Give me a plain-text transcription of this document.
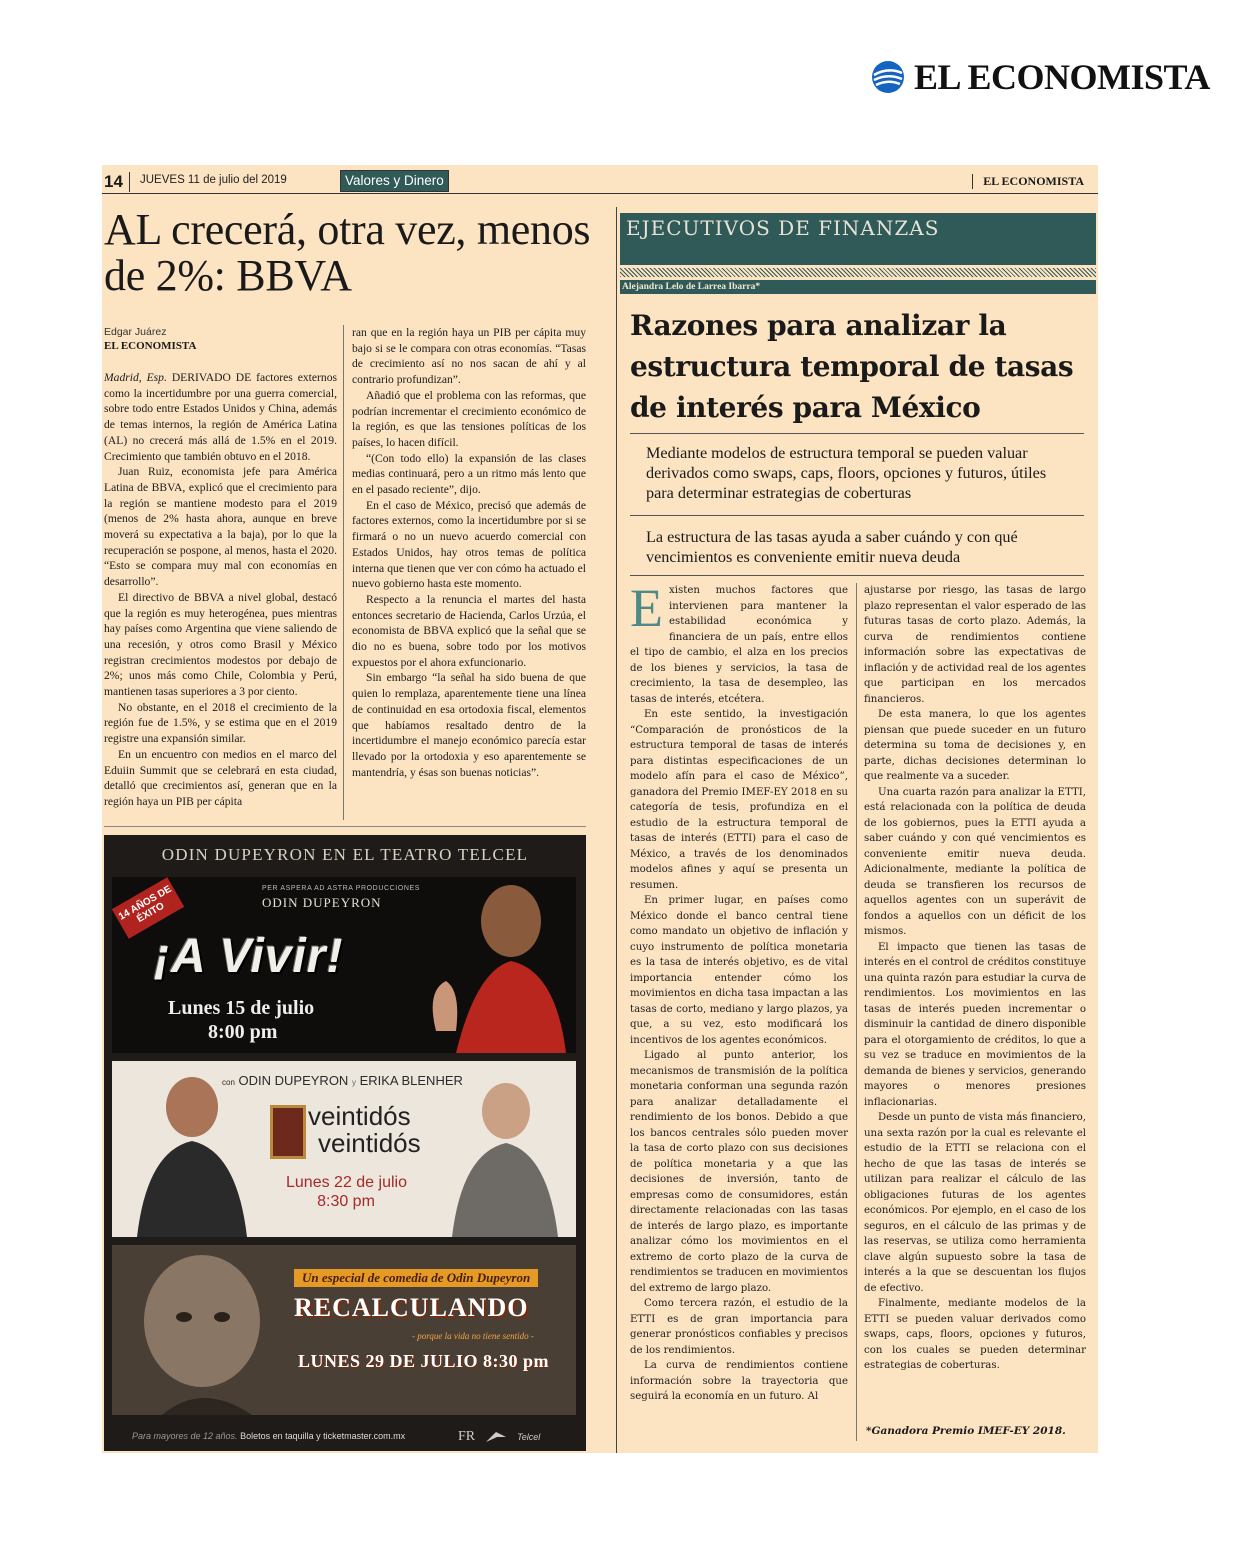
EL ECONOMISTA
14	JUEVES 11 de julio del 2019	Valores y Dinero	EL ECONOMISTA
AL crecerá, otra vez, menos de 2%: BBVA
Edgar Juárez
EL ECONOMISTA

Madrid, Esp. DERIVADO DE factores externos como la incertidumbre por una guerra comercial, sobre todo entre Estados Unidos y China, además de temas internos, la región de América Latina (AL) no crecerá más allá de 1.5% en el 2019. Crecimiento que también obtuvo en el 2018.

Juan Ruiz, economista jefe para América Latina de BBVA, explicó que el crecimiento para la región se mantiene modesto para el 2019 (menos de 2% hasta ahora, aunque en breve moverá su expectativa a la baja), por lo que la recuperación se pospone, al menos, hasta el 2020. “Esto se compara muy mal con economías en desarrollo”.

El directivo de BBVA a nivel global, destacó que la región es muy heterogénea, pues mientras hay países como Argentina que viene saliendo de una recesión, y otros como Brasil y México registran crecimientos modestos por debajo de 2%; unos más como Chile, Colombia y Perú, mantienen tasas superiores a 3 por ciento.

No obstante, en el 2018 el crecimiento de la región fue de 1.5%, y se estima que en el 2019 registre una expansión similar.

En un encuentro con medios en el marco del Eduiin Summit que se celebrará en esta ciudad, detalló que crecimientos así, generan que en la región haya un PIB per cápita

ran que en la región haya un PIB per cápita muy bajo si se le compara con otras economías. “Tasas de crecimiento así no nos sacan de ahí y al contrario profundizan”.

Añadió que el problema con las reformas, que podrían incrementar el crecimiento económico de la región, es que las tensiones políticas de los países, lo hacen difícil.

“(Con todo ello) la expansión de las clases medias continuará, pero a un ritmo más lento que en el pasado reciente”, dijo.

En el caso de México, precisó que además de factores externos, como la incertidumbre por si se firmará o no un nuevo acuerdo comercial con Estados Unidos, hay otros temas de política interna que tienen que ver con cómo ha actuado el nuevo gobierno hasta este momento.

Respecto a la renuncia el martes del hasta entonces secretario de Hacienda, Carlos Urzúa, el economista de BBVA explicó que la señal que se dio no es buena, sobre todo por los motivos expuestos por el ahora exfuncionario.

Sin embargo “la señal ha sido buena de que quien lo remplaza, aparentemente tiene una línea de continuidad en esa ortodoxia fiscal, elementos que habíamos resaltado dentro de la incertidumbre el manejo económico parecía estar llevado por la ortodoxia y eso aparentemente se mantendría, y ésas son buenas noticias”.

ODIN DUPEYRON EN EL TEATRO TELCEL
14 AÑOS DE ÉXITO
PER ASPERA AD ASTRA PRODUCCIONES
ODIN DUPEYRON
¡A Vivir!
Lunes 15 de julio
8:00 pm
con ODIN DUPEYRON y ERIKA BLENHER
veintidós
veintidós
Lunes 22 de julio
8:30 pm
Un especial de comedia de Odin Dupeyron
RECALCULANDO
- porque la vida no tiene sentido -
LUNES 29 DE JULIO 8:30 pm
Para mayores de 12 años. Boletos en taquilla y ticketmaster.com.mx	FR	Telcel
EJECUTIVOS DE FINANZAS
Alejandra Lelo de Larrea Ibarra*
Razones para analizar la estructura temporal de tasas de interés para México

Mediante modelos de estructura temporal se pueden valuar derivados como swaps, caps, floors, opciones y futuros, útiles para determinar estrategias de coberturas

La estructura de las tasas ayuda a saber cuándo y con qué vencimientos es conveniente emitir nueva deuda

Existen muchos factores que intervienen para mantener la estabilidad económica y financiera de un país, entre ellos el tipo de cambio, el alza en los precios de los bienes y servicios, la tasa de crecimiento, la tasa de desempleo, las tasas de interés, etcétera.

En este sentido, la investigación “Comparación de pronósticos de la estructura temporal de tasas de interés para distintas especificaciones de un modelo afín para el caso de México”, ganadora del Premio IMEF-EY 2018 en su categoría de tesis, profundiza en el estudio de la estructura temporal de tasas de interés (ETTI) para el caso de México, a través de los denominados modelos afines y aquí se presenta un resumen.

En primer lugar, en países como México donde el banco central tiene como mandato un objetivo de inflación y cuyo instrumento de política monetaria es la tasa de interés objetivo, es de vital importancia entender cómo los movimientos en dicha tasa impactan a las tasas de corto, mediano y largo plazos, ya que, a su vez, esto modificará los incentivos de los agentes económicos.

Ligado al punto anterior, los mecanismos de transmisión de la política monetaria conforman una segunda razón para analizar detalladamente el rendimiento de los bonos. Debido a que los bancos centrales sólo pueden mover la tasa de corto plazo con sus decisiones de política monetaria y a que las decisiones de inversión, tanto de empresas como de consumidores, están directamente relacionadas con las tasas de interés de largo plazo, es importante analizar cómo los movimientos en el extremo de corto plazo de la curva de rendimientos se traducen en movimientos del extremo de largo plazo.

Como tercera razón, el estudio de la ETTI es de gran importancia para generar pronósticos confiables y precisos de los rendimientos.

La curva de rendimientos contiene información sobre la trayectoria que seguirá la economía en un futuro. Al

ajustarse por riesgo, las tasas de largo plazo representan el valor esperado de las futuras tasas de corto plazo. Además, la curva de rendimientos contiene información sobre las expectativas de inflación y de actividad real de los agentes que participan en los mercados financieros.

De esta manera, lo que los agentes piensan que puede suceder en un futuro determina su toma de decisiones y, en parte, dichas decisiones determinan lo que realmente va a suceder.

Una cuarta razón para analizar la ETTI, está relacionada con la política de deuda de los gobiernos, pues la ETTI ayuda a saber cuándo y con qué vencimientos es conveniente emitir nueva deuda. Adicionalmente, mediante la política de deuda se transfieren los recursos de aquellos agentes con un superávit de fondos a aquellos con un déficit de los mismos.

El impacto que tienen las tasas de interés en el control de créditos constituye una quinta razón para estudiar la curva de rendimientos. Los movimientos en las tasas de interés pueden incrementar o disminuir la cantidad de dinero disponible para el otorgamiento de créditos, lo que a su vez se traduce en movimientos de la demanda de bienes y servicios, generando mayores o menores presiones inflacionarias.

Desde un punto de vista más financiero, una sexta razón por la cual es relevante el estudio de la ETTI se relaciona con el hecho de que las tasas de interés se utilizan para realizar el cálculo de las obligaciones futuras de los agentes económicos. Por ejemplo, en el caso de los seguros, en el cálculo de las primas y de las reservas, se utiliza como herramienta clave algún supuesto sobre la tasa de interés a la que se descuentan los flujos de efectivo.

Finalmente, mediante modelos de la ETTI se pueden valuar derivados como swaps, caps, floors, opciones y futuros, con los cuales se pueden determinar estrategias de coberturas.

*Ganadora Premio IMEF-EY 2018.
